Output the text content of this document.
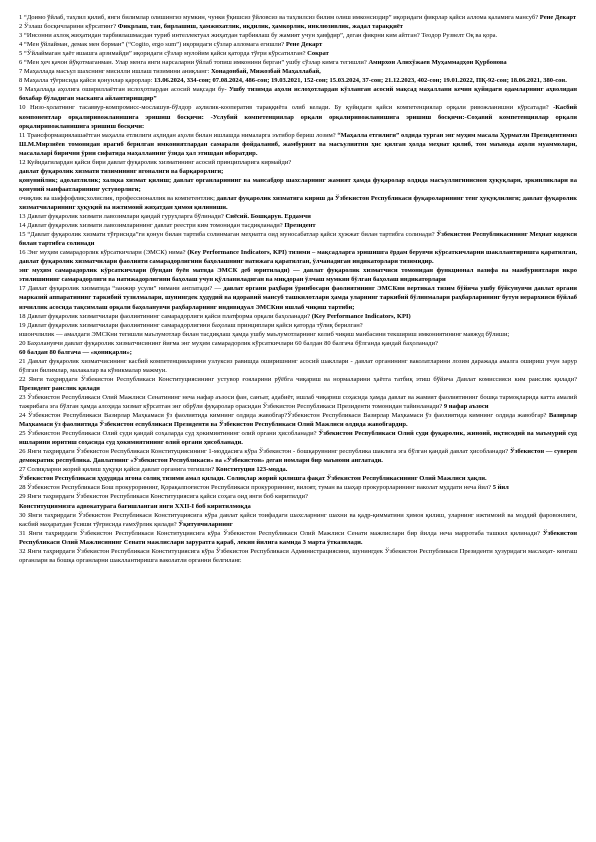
1 “Доимо ўйлаб, таҳлил қилиб, янги билимлар олишингиз мумкин, чунки ўқишсиз ўйловсиз ва таҳлилсиз билим олиш имконсиздир” иқоридаги фикрлар қайси алломa қаламига мансуб? Рене Декарт
2 Ўзлаш босқичларини кўрсатинг? Фикрлаш, тан, бирлашиш, ҳамжихатлик, иқдилик, ҳамкорлик, инклюзивлик, жадал тараққиёт
3 “Инсонни ахлоқ жиҳатидан тарбиялашмасдан туриб интеллектуал жиҳатдан тарбиялаш бу жамият учун ҳавфдир”, деган фикрни ким айтган? Теодор Рузвелт Оқ ва қора.
4 “Мен ўйлайман, демак мен борман” (“Cogito, ergo sum”) иқоридаги сўзлар алломага егишли? Рене Декарт
5 “Ўйлаймаган ҳаёт яшашга арзимайди” иқоридаги сўзлар мулойим қайси қаторда тўғри кўрсатилган? Сократ
6 “Мен ҳеч қачон йўқотмаганман. Улар менга янги нарсаларни ўйлаб топиш имконини берган” ушбу сўзлар кимга тегишли? Амирхон Алихўжаев Муҳаммадҳон Қурбонова
7 Маҳаллада масъул шахснинг мисилли ишлаш тизимини аниқланг: Хонадонбай, Мижозбай Маҳаллабай,
8 Маҳалла тўғрисида қайси қонунлар қарорлар: 13.06.2024, 334-сон; 07.08.2024, 486-сон; 19.03.2021, 152-сон; 15.03.2024, 37-сон; 21.12.2023, 402-сон; 19.01.2022, ПҚ-92-сон; 18.06.2021, 380-сон.
9 Маҳаллада аҳолига ошириллаётган ислоҳотлардан асосий мақсади бу- Ушбу тизимда аҳоли ислоҳотлардан кўзланган асосий мақсад маҳаллани кечин қуйидаги одамларнинг аҳволидан бохабар бўладиган масканга айлантиришдир”
10 Низо-ҳолатнинг тасаввур-компромисс-мослашув-бўлдор аҳлилик-кооператив тараққиёта олиб келади. Бу қуйидаги қайси компетенциялар орқали ривожланишни кўрсатади? -Касбий компонентлар орқалиривожланишига эришиш босқичи: -Услубий компетенциялар орқали орқалиривожланишига эришиш босқичи:-Соҳавий компетенциялар орқали орқалиривожланишига эришиш босқичи:
11 Трансформациялашаётган маҳалла етлилиги аҳлидан аҳоли билан ишлашда нималарга эътибор бериш лозим? “Маҳалла етгилиги” олдида турган энг муҳим масала Ҳурматли Президентимиз Ш.М.Мирзиёев томонидан ярагиб берилган имкониятлардан самарали фойдаланиб, жамбурият ва масъулиятни ҳис қилган ҳолда меҳнат қилиб, том маънода аҳоли муаммолари, масалаларi бирични ўрни сифатида маҳалланинг ўзида ҳал этишдан иборатдир.
12 Куйидагилардан қайси бири давлат фуқаролик хизматининг асосий принципларига кирмайди?
давлат фуқаролик хизмати тизимининг ягоналиги ва барқарорлиги;
қонунийлик; адолатлилик; халқка хизмат қилиш; давлат органларининг ва мансабдор шахсларнинг жамият ҳамда фуқаролар олдида масъуллигиниснон ҳуқуқларн, эркинликлари ва қонуний манфаатларининг устуворлиги;
очиқлик ва шаффофлик;холислик, профессионаллик ва компетентлик; давлат фуқаролик хизматига кириш да Ўзбекистон Республикаси фуқароларининг тенг ҳуқуқлилиги; давлат фуқаролик хизматчиларининг ҳуқуқий ва ижтимоий жиҳатдан ҳимоя қилиниши.
13 Давлат фуқаролик хизмати лавозимлари қандай гуруҳларга бўлинади? Сиёсий. Бошқарув. Ердамчи
14 Давлат фуқаролик хизмати лавозимларининг давлат реестри ким томонидан тасдиқланади? Президент
15 “Давлат фуқаролик хизмати тўғрисида”ги қонун билан тартиба солинмаган меҳнатга оид муносабатлар қайси ҳужжат билан тартибга солинади? Ўзбекистон Республикасининг Меҳнат кодекси билан тартибга солинади
16 Энг муҳим самарадорлик кўрсаткичлари (ЭМСК) нима? (Key Performance Indicators, KPI) тизими – мақсадларга эришишга ёрдам берувчи кўрсаткичларни шакллантиришга қаратилган, давлат фуқаролик хизматчилари фаолияти самарадорлигини баҳолашнинг натижага қаратилган, ўлчанадиган индикаторлари тизимидир.
энг муҳим самарадорлик кўрсаткичлари (бундан буён матнда ЭМСК деб юритилади) — давлат фуқаролик хизматчиси томонидан функционал вазифа ва мажбуриятлари икро этилишининг самарадорлиги ва натижадорлигини баҳолаш учун қўлланиладиган ва миқдоран ўлчаш мумкин бўлган баҳолаш индикаторлари
17 Давлат фуқаролик хизматида “занжир усули” нимани англатади? — давлат органи раҳбари ўринбосари фаолиятининг ЭМСКни вертикал тизим бўйича ушбу бўйсунувчи давлат органи марказий аппаратининг таркибий тузилмалари, шунингдек ҳудудий ва идоравий мансуб ташкилотлари ҳамда уларнинг таркибий бўлинмалари раҳбарларининг бутун иерархияси бўйлаб изчиллик асосида тақсимлаш орқали баҳоланувчи раҳбарларнинг индивидуал ЭМСКни ишлаб чиқиш тартиби;
18 Давлат фуқаролик хизматчилари фаолиятининг самарадорлиги қайси платформа орқали баҳоланади? (Key Performance Indicators, KPI)
19 Давлат фуқаролик хизматчилари фаолиятининг самарадорлигини баҳолаш принциплари қайси қаторда тўлиқ берилган?
ишончлилик — амалдаги ЭМСКни тегишли маълумотлар билан тасдиқлаш ҳамда ушбу маълумотларнинг келиб чиқиш манбасини текшириш имкониятининг мавжуд бўлиши;
20 Баҳоланувчи давлат фуқаролик хизматчисининг йиғма энг муҳим самарадорлик кўрсаткичлари 60 балдан 80 балгача бўлганда қандай баҳоланади?
60 балдан 80 балгача — «қониқарли»;
21 Давлат фуқаролик хизматчисининг касбий компетенцияларини узлуксиз равишда оширишнинг асосий шакллари - давлат органининг ваколатларини лозим даражада амалга ошириш учун зарур бўлган билимлар, малакалар ва кўникмалар мажмуи.
22 Янги таҳрирдаги Ўзбекистон Республикаси Конституциясининг устувор ғояларини рўёбга чиқариш ва нормаларини ҳаётга татбиқ этиш бўйича Давлат комиссияси ким раислик қилади? Президент раислик қилади
23 Ўзбекистон Республикаси Олий Мажлиси Сенатининг неча нафар аъзоси фан, санъат, адабиёт, ишлаб чиқариш соҳасида ҳамда давлат ва жамият фаолиятининг бошқа тармоқларида катта амалий тажрибага эга бўлган ҳамда алоҳида хизмат кўрсатган энг обрўли фуқаролар орасидан Ўзбекистон Республикаси Президенти томонидан тайинланади? 9 нафар аъзоси
24 Ўзбекистон Республикаси Вазирлар Маҳкамаси ўз фаолиятида кимнинг олдида жавобгар?Ўзбекистон Республикаси Вазирлар Маҳкамаси ўз фаолиятида кимнинг олдида жавобгар? Вазирлар Маҳкамаси ўз фаолиятида Ўзбекистон еспубликаси Президенти ва Ўзбекистон Республикаси Олий Мажлиси олдида жавобгардир.
25 Ўзбекистон Республикаси Олий суди қандай соҳаларда суд ҳокимиятининг олий органи ҳисобланади? Ўзбекистон Республикаси Олий суди фуқаролик, жиноий, иқтисодий ва маъмурий суд ишларини юритиш соҳасида суд ҳокимиятининг олий органи ҳисобланади.
26 Янги таҳрирдаги Ўзбекистон Республикаси Конституциясининг 1-моддасига кўра Ўзбекистон - бошқарувнинг республика шаклига эга бўлган қандай давлат ҳисобланади? Ўзбекистон — суверен демократик республика. Давлатнинг «Ўзбекистон Республикаси» ва «Ўзбекистон» деган номлари бир маънони англатади.
27 Солиқларни жорий қилиш ҳуқуқи қайси давлат органига тегишли? Конституция 123-модда.
Ўзбекистон Республикаси ҳудудида ягона солиқ тизими амал қилади. Солиқлар жорий қилишга фақат Ўзбекистон Республикасининг Олий Мажлиси ҳақли.
28 Ўзбекистон Республикаси Бош прокурорининг, Қорақалпоғистон Республикаси прокурорининг, вилоят, туман ва шаҳар прокурорларининг ваколат муддати неча йил? 5 йил
29 Янги таҳрирдаги Ўзбекистон Республикаси Конституциясига қайси соҳага оид янги боб киритилди?
Конституциямизга адвокатурага бағишланган янги XXII-I боб киритилмоқда
30 Янги таҳрирдаги Ўзбекистон Республикаси Конституциясига кўра давлат қайси тоифадаги шахсларнинг шахни ва қадр-қимматини ҳимоя қилиш, уларнинг ижтимоий ва моддий фаровонлиги, касбий маҳаратдан ўсиши тўғрисида ғамхўрлик қилади? Ўқитувчиларнинг
31 Янги таҳрирдаги Ўзбекистон Республикаси Конституциясига кўра Ўзбекистон Республикаси Олий Мажлиси Сенати мажлислари бир йилда неча марротаба ташкил қилинади? Ўзбекистон Республикаси Олий Мажлисининг Сенати мажлислари заруратга қараб, лекин йилига камида 3 марта ўтказилади.
32 Янги таҳрирдаги Ўзбекистон Республикаси Конституциясига кўра Ўзбекистон Республикаси Администрациясини, шунингдек Ўзбекистон Республикаси Президенти ҳузуридаги маслаҳат- кенгаш органлари ва бошқа органларни шакллантиришга ваколатли органни белгиланг.
